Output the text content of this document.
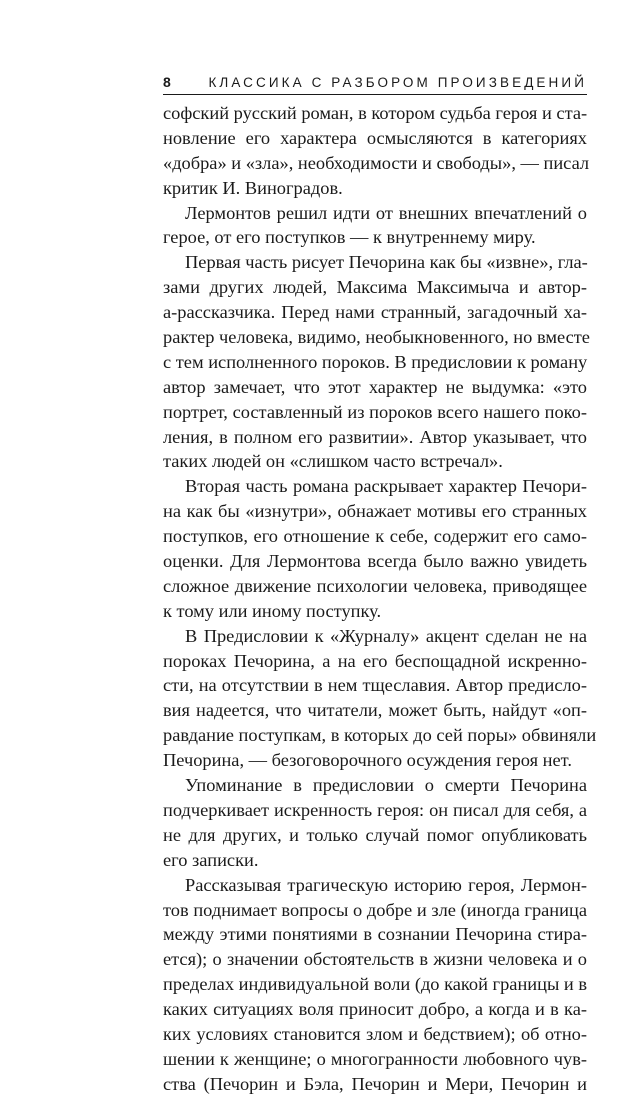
8	КЛАССИКА С РАЗБОРОМ ПРОИЗВЕДЕНИЙ

софский русский роман, в котором судьба героя и ста-
новление его характера осмысляются в категориях
«добра» и «зла», необходимости и свободы», — писал
критик И. Виноградов.

Лермонтов решил идти от внешних впечатлений о
герое, от его поступков — к внутреннему миру.

Первая часть рисует Печорина как бы «извне», гла-
зами других людей, Максима Максимыча и автор-
а-рассказчика. Перед нами странный, загадочный ха-
рактер человека, видимо, необыкновенного, но вместе
с тем исполненного пороков. В предисловии к роману
автор замечает, что этот характер не выдумка: «это
портрет, составленный из пороков всего нашего поко-
ления, в полном его развитии». Автор указывает, что
таких людей он «слишком часто встречал».

Вторая часть романа раскрывает характер Печори-
на как бы «изнутри», обнажает мотивы его странных
поступков, его отношение к себе, содержит его само-
оценки. Для Лермонтова всегда было важно увидеть
сложное движение психологии человека, приводящее
к тому или иному поступку.

В Предисловии к «Журналу» акцент сделан не на
пороках Печорина, а на его беспощадной искренно-
сти, на отсутствии в нем тщеславия. Автор предисло-
вия надеется, что читатели, может быть, найдут «оп-
равдание поступкам, в которых до сей поры» обвиняли
Печорина, — безоговорочного осуждения героя нет.

Упоминание в предисловии о смерти Печорина
подчеркивает искренность героя: он писал для себя, а
не для других, и только случай помог опубликовать
его записки.

Рассказывая трагическую историю героя, Лермон-
тов поднимает вопросы о добре и зле (иногда граница
между этими понятиями в сознании Печорина стира-
ется); о значении обстоятельств в жизни человека и о
пределах индивидуальной воли (до какой границы и в
каких ситуациях воля приносит добро, а когда и в ка-
ких условиях становится злом и бедствием); об отно-
шении к женщине; о многогранности любовного чув-
ства (Печорин и Бэла, Печорин и Мери, Печорин и
